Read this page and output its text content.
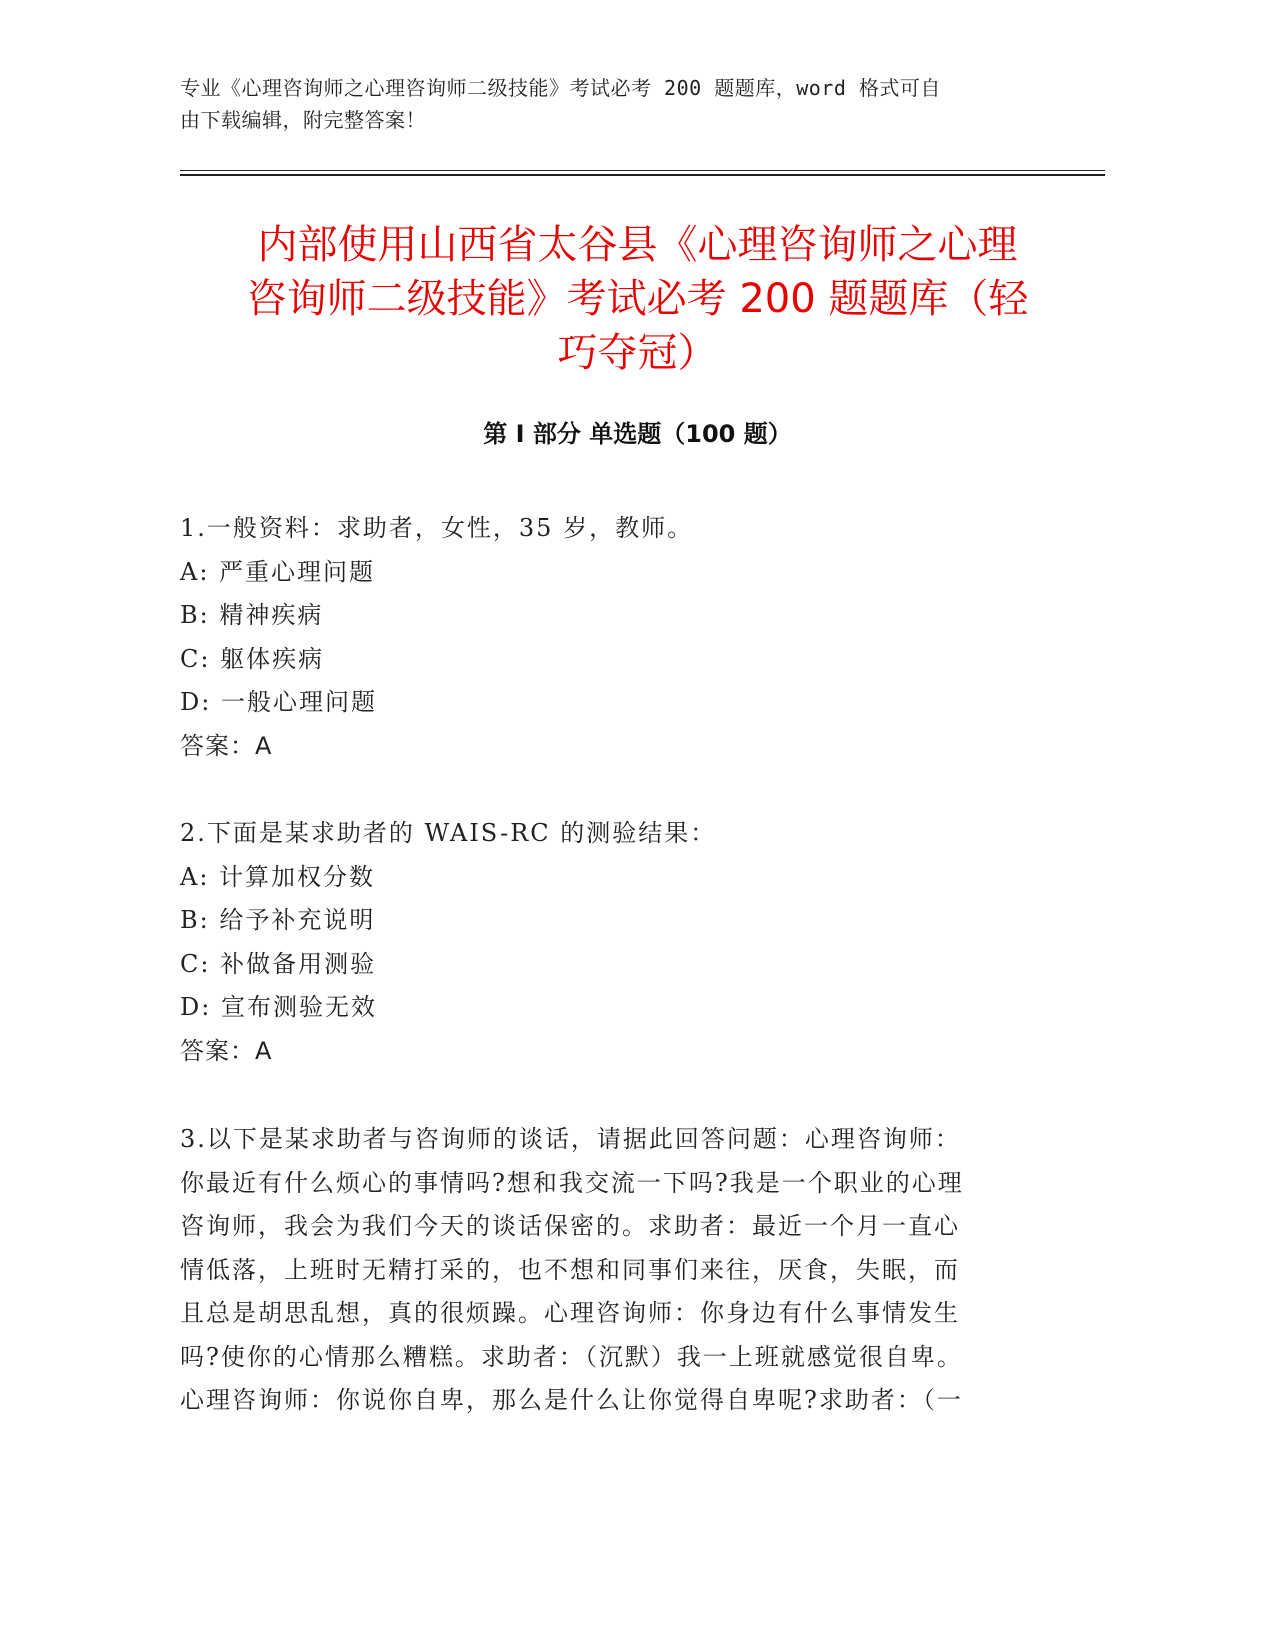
专业《心理咨询师之心理咨询师二级技能》考试必考 200 题题库，word 格式可自
由下载编辑，附完整答案！
内部使用山西省太谷县《心理咨询师之心理
咨询师二级技能》考试必考 200 题题库（轻
巧夺冠）
第 I 部分 单选题（100 题）
1.一般资料：求助者，女性，35 岁，教师。
A: 严重心理问题
B: 精神疾病
C: 躯体疾病
D: 一般心理问题
答案：A
2.下面是某求助者的 WAIS-RC 的测验结果：
A: 计算加权分数
B: 给予补充说明
C: 补做备用测验
D: 宣布测验无效
答案：A
3.以下是某求助者与咨询师的谈话，请据此回答问题：心理咨询师：
你最近有什么烦心的事情吗?想和我交流一下吗?我是一个职业的心理
咨询师，我会为我们今天的谈话保密的。求助者：最近一个月一直心
情低落，上班时无精打采的，也不想和同事们来往，厌食，失眠，而
且总是胡思乱想，真的很烦躁。心理咨询师：你身边有什么事情发生
吗?使你的心情那么糟糕。求助者：（沉默）我一上班就感觉很自卑。
心理咨询师：你说你自卑，那么是什么让你觉得自卑呢?求助者：（一
